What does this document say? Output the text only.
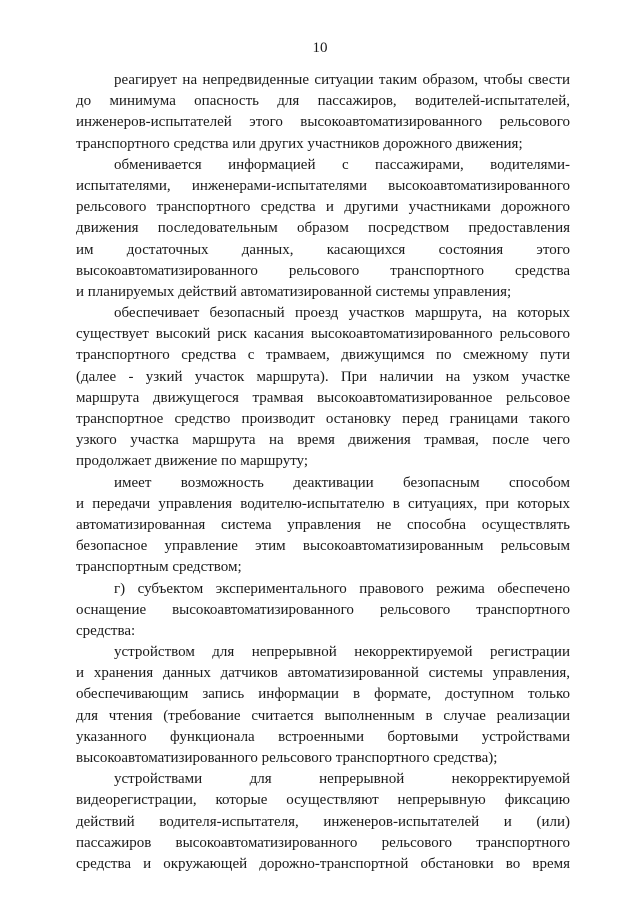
10
реагирует на непредвиденные ситуации таким образом, чтобы свести
до минимума опасность для пассажиров, водителей-испытателей,
инженеров-испытателей этого высокоавтоматизированного рельсового
транспортного средства или других участников дорожного движения;
обменивается информацией с пассажирами, водителями-
испытателями, инженерами-испытателями высокоавтоматизированного
рельсового транспортного средства и другими участниками дорожного
движения последовательным образом посредством предоставления
им достаточных данных, касающихся состояния этого
высокоавтоматизированного рельсового транспортного средства
и планируемых действий автоматизированной системы управления;
обеспечивает безопасный проезд участков маршрута, на которых
существует высокий риск касания высокоавтоматизированного рельсового
транспортного средства с трамваем, движущимся по смежному пути
(далее - узкий участок маршрута). При наличии на узком участке
маршрута движущегося трамвая высокоавтоматизированное рельсовое
транспортное средство производит остановку перед границами такого
узкого участка маршрута на время движения трамвая, после чего
продолжает движение по маршруту;
имеет возможность деактивации безопасным способом
и передачи управления водителю-испытателю в ситуациях, при которых
автоматизированная система управления не способна осуществлять
безопасное управление этим высокоавтоматизированным рельсовым
транспортным средством;
г) субъектом экспериментального правового режима обеспечено
оснащение высокоавтоматизированного рельсового транспортного
средства:
устройством для непрерывной некорректируемой регистрации
и хранения данных датчиков автоматизированной системы управления,
обеспечивающим запись информации в формате, доступном только
для чтения (требование считается выполненным в случае реализации
указанного функционала встроенными бортовыми устройствами
высокоавтоматизированного рельсового транспортного средства);
устройствами для непрерывной некорректируемой
видеорегистрации, которые осуществляют непрерывную фиксацию
действий водителя-испытателя, инженеров-испытателей и (или)
пассажиров высокоавтоматизированного рельсового транспортного
средства и окружающей дорожно-транспортной обстановки во время
